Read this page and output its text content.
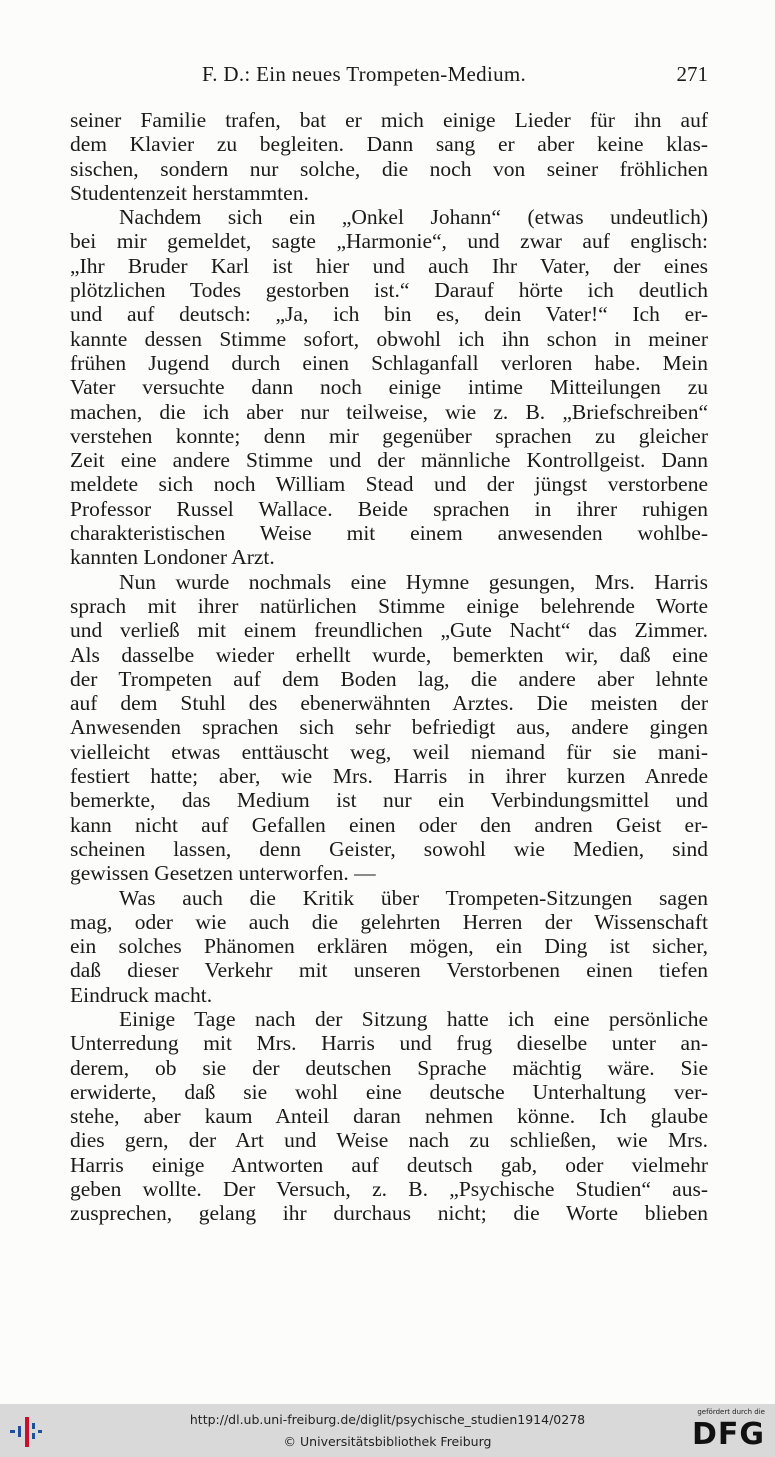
F. D.: Ein neues Trompeten-Medium.	271
seiner Familie trafen, bat er mich einige Lieder für ihn auf
dem Klavier zu begleiten. Dann sang er aber keine klas-
sischen, sondern nur solche, die noch von seiner fröhlichen
Studentenzeit herstammten.
Nachdem sich ein „Onkel Johann“ (etwas undeutlich)
bei mir gemeldet, sagte „Harmonie“, und zwar auf englisch:
„Ihr Bruder Karl ist hier und auch Ihr Vater, der eines
plötzlichen Todes gestorben ist.“ Darauf hörte ich deutlich
und auf deutsch: „Ja, ich bin es, dein Vater!“ Ich er-
kannte dessen Stimme sofort, obwohl ich ihn schon in meiner
frühen Jugend durch einen Schlaganfall verloren habe. Mein
Vater versuchte dann noch einige intime Mitteilungen zu
machen, die ich aber nur teilweise, wie z. B. „Briefschreiben“
verstehen konnte; denn mir gegenüber sprachen zu gleicher
Zeit eine andere Stimme und der männliche Kontrollgeist. Dann
meldete sich noch William Stead und der jüngst verstorbene
Professor Russel Wallace. Beide sprachen in ihrer ruhigen
charakteristischen Weise mit einem anwesenden wohlbe-
kannten Londoner Arzt.
Nun wurde nochmals eine Hymne gesungen, Mrs. Harris
sprach mit ihrer natürlichen Stimme einige belehrende Worte
und verließ mit einem freundlichen „Gute Nacht“ das Zimmer.
Als dasselbe wieder erhellt wurde, bemerkten wir, daß eine
der Trompeten auf dem Boden lag, die andere aber lehnte
auf dem Stuhl des ebenerwähnten Arztes. Die meisten der
Anwesenden sprachen sich sehr befriedigt aus, andere gingen
vielleicht etwas enttäuscht weg, weil niemand für sie mani-
festiert hatte; aber, wie Mrs. Harris in ihrer kurzen Anrede
bemerkte, das Medium ist nur ein Verbindungsmittel und
kann nicht auf Gefallen einen oder den andren Geist er-
scheinen lassen, denn Geister, sowohl wie Medien, sind
gewissen Gesetzen unterworfen. —
Was auch die Kritik über Trompeten-Sitzungen sagen
mag, oder wie auch die gelehrten Herren der Wissenschaft
ein solches Phänomen erklären mögen, ein Ding ist sicher,
daß dieser Verkehr mit unseren Verstorbenen einen tiefen
Eindruck macht.
Einige Tage nach der Sitzung hatte ich eine persönliche
Unterredung mit Mrs. Harris und frug dieselbe unter an-
derem, ob sie der deutschen Sprache mächtig wäre. Sie
erwiderte, daß sie wohl eine deutsche Unterhaltung ver-
stehe, aber kaum Anteil daran nehmen könne. Ich glaube
dies gern, der Art und Weise nach zu schließen, wie Mrs.
Harris einige Antworten auf deutsch gab, oder vielmehr
geben wollte. Der Versuch, z. B. „Psychische Studien“ aus-
zusprechen, gelang ihr durchaus nicht; die Worte blieben
http://dl.ub.uni-freiburg.de/diglit/psychische_studien1914/0278
© Universitätsbibliothek Freiburg
gefördert durch die
DFG
